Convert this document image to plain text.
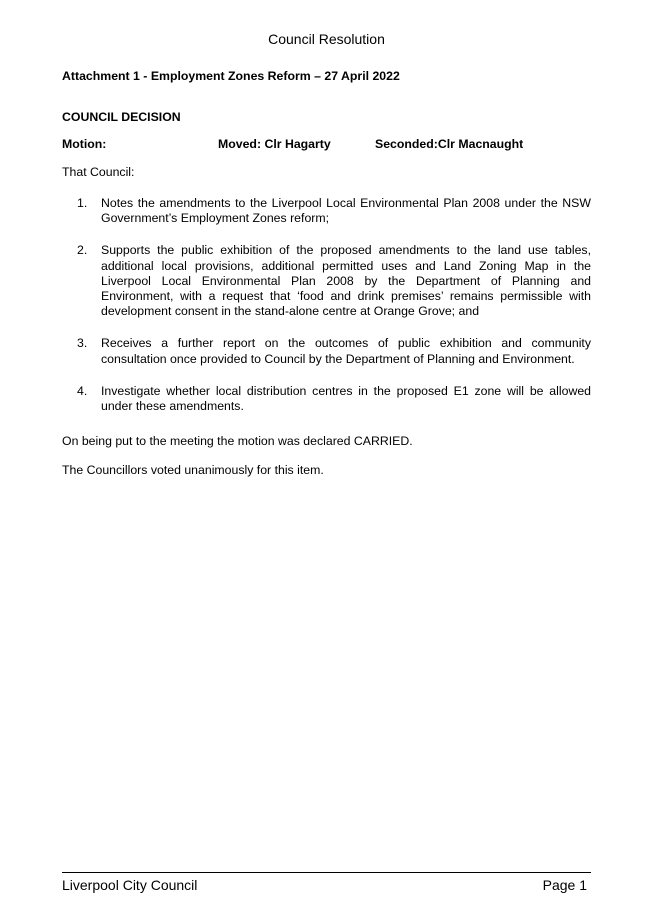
Council Resolution
Attachment 1 - Employment Zones Reform – 27 April 2022
COUNCIL DECISION
Motion:	Moved: Clr Hagarty	Seconded:Clr Macnaught
That Council:
1. Notes the amendments to the Liverpool Local Environmental Plan 2008 under the NSW Government’s Employment Zones reform;
2. Supports the public exhibition of the proposed amendments to the land use tables, additional local provisions, additional permitted uses and Land Zoning Map in the Liverpool Local Environmental Plan 2008 by the Department of Planning and Environment, with a request that ‘food and drink premises’ remains permissible with development consent in the stand-alone centre at Orange Grove; and
3. Receives a further report on the outcomes of public exhibition and community consultation once provided to Council by the Department of Planning and Environment.
4. Investigate whether local distribution centres in the proposed E1 zone will be allowed under these amendments.
On being put to the meeting the motion was declared CARRIED.
The Councillors voted unanimously for this item.
Liverpool City Council	Page 1
